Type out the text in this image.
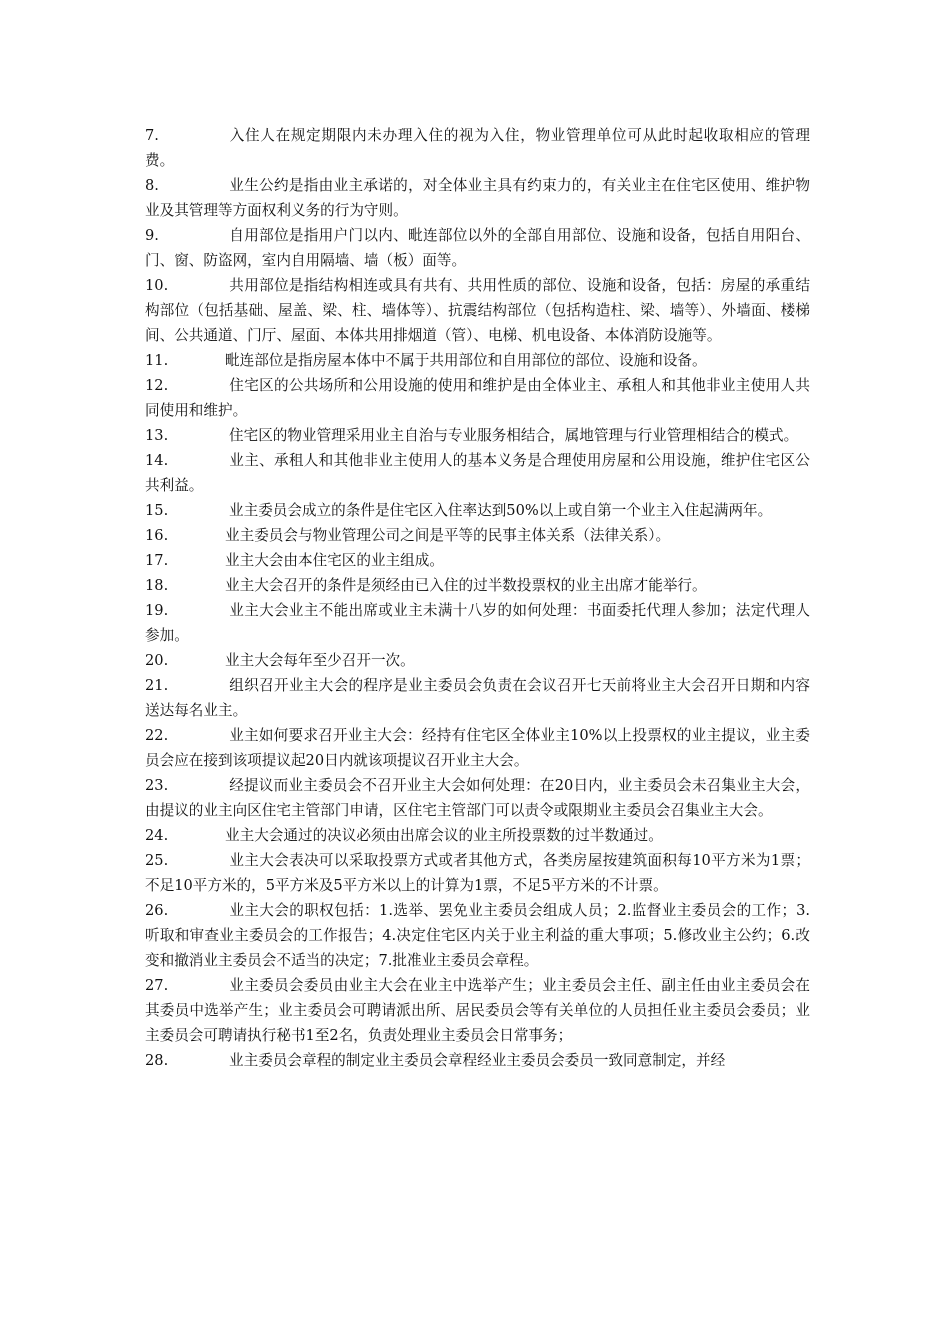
7.	入住人在规定期限内未办理入住的视为入住，物业管理单位可从此时起收取相应的管理费。

8.	业生公约是指由业主承诺的，对全体业主具有约束力的，有关业主在住宅区使用、维护物业及其管理等方面权利义务的行为守则。

9.	自用部位是指用户门以内、毗连部位以外的全部自用部位、设施和设备，包括自用阳台、门、窗、防盗网，室内自用隔墙、墙（板）面等。

10.	共用部位是指结构相连或具有共有、共用性质的部位、设施和设备，包括：房屋的承重结构部位（包括基础、屋盖、梁、柱、墙体等）、抗震结构部位（包括构造柱、梁、墙等）、外墙面、楼梯间、公共通道、门厅、屋面、本体共用排烟道（管）、电梯、机电设备、本体消防设施等。

11.	毗连部位是指房屋本体中不属于共用部位和自用部位的部位、设施和设备。

12.	住宅区的公共场所和公用设施的使用和维护是由全体业主、承租人和其他非业主使用人共同使用和维护。

13.	住宅区的物业管理采用业主自治与专业服务相结合，属地管理与行业管理相结合的模式。

14.	业主、承租人和其他非业主使用人的基本义务是合理使用房屋和公用设施，维护住宅区公共利益。

15.	业主委员会成立的条件是住宅区入住率达到50%以上或自第一个业主入住起满两年。

16.	业主委员会与物业管理公司之间是平等的民事主体关系（法律关系）。

17.	业主大会由本住宅区的业主组成。

18.	业主大会召开的条件是须经由已入住的过半数投票权的业主出席才能举行。

19.	业主大会业主不能出席或业主未满十八岁的如何处理：书面委托代理人参加；法定代理人参加。

20.	业主大会每年至少召开一次。

21.	组织召开业主大会的程序是业主委员会负责在会议召开七天前将业主大会召开日期和内容送达每名业主。

22.	业主如何要求召开业主大会：经持有住宅区全体业主10%以上投票权的业主提议，业主委员会应在接到该项提议起20日内就该项提议召开业主大会。

23.	经提议而业主委员会不召开业主大会如何处理：在20日内，业主委员会未召集业主大会，由提议的业主向区住宅主管部门申请，区住宅主管部门可以责令或限期业主委员会召集业主大会。

24.	业主大会通过的决议必须由出席会议的业主所投票数的过半数通过。

25.	业主大会表决可以采取投票方式或者其他方式，各类房屋按建筑面积每10平方米为1票；不足10平方米的，5平方米及5平方米以上的计算为1票，不足5平方米的不计票。

26.	业主大会的职权包括：1.选举、罢免业主委员会组成人员；2.监督业主委员会的工作；3.听取和审查业主委员会的工作报告；4.决定住宅区内关于业主利益的重大事项；5.修改业主公约；6.改变和撤消业主委员会不适当的决定；7.批准业主委员会章程。

27.	业主委员会委员由业主大会在业主中选举产生；业主委员会主任、副主任由业主委员会在其委员中选举产生；业主委员会可聘请派出所、居民委员会等有关单位的人员担任业主委员会委员；业主委员会可聘请执行秘书1至2名，负责处理业主委员会日常事务；

28.	业主委员会章程的制定业主委员会章程经业主委员会委员一致同意制定，并经
